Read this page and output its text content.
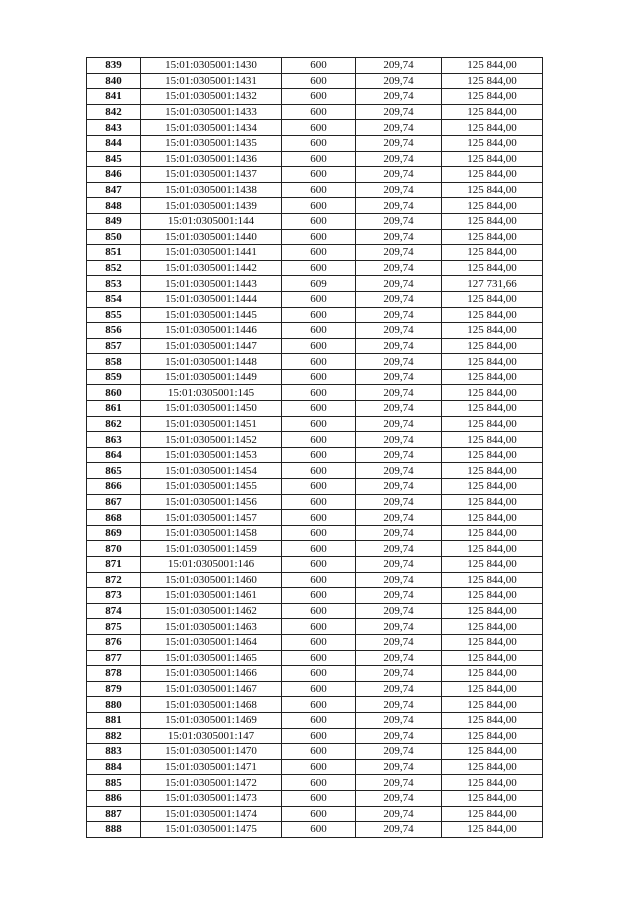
839	15:01:0305001:1430	600	209,74	125 844,00
840	15:01:0305001:1431	600	209,74	125 844,00
841	15:01:0305001:1432	600	209,74	125 844,00
842	15:01:0305001:1433	600	209,74	125 844,00
843	15:01:0305001:1434	600	209,74	125 844,00
844	15:01:0305001:1435	600	209,74	125 844,00
845	15:01:0305001:1436	600	209,74	125 844,00
846	15:01:0305001:1437	600	209,74	125 844,00
847	15:01:0305001:1438	600	209,74	125 844,00
848	15:01:0305001:1439	600	209,74	125 844,00
849	15:01:0305001:144	600	209,74	125 844,00
850	15:01:0305001:1440	600	209,74	125 844,00
851	15:01:0305001:1441	600	209,74	125 844,00
852	15:01:0305001:1442	600	209,74	125 844,00
853	15:01:0305001:1443	609	209,74	127 731,66
854	15:01:0305001:1444	600	209,74	125 844,00
855	15:01:0305001:1445	600	209,74	125 844,00
856	15:01:0305001:1446	600	209,74	125 844,00
857	15:01:0305001:1447	600	209,74	125 844,00
858	15:01:0305001:1448	600	209,74	125 844,00
859	15:01:0305001:1449	600	209,74	125 844,00
860	15:01:0305001:145	600	209,74	125 844,00
861	15:01:0305001:1450	600	209,74	125 844,00
862	15:01:0305001:1451	600	209,74	125 844,00
863	15:01:0305001:1452	600	209,74	125 844,00
864	15:01:0305001:1453	600	209,74	125 844,00
865	15:01:0305001:1454	600	209,74	125 844,00
866	15:01:0305001:1455	600	209,74	125 844,00
867	15:01:0305001:1456	600	209,74	125 844,00
868	15:01:0305001:1457	600	209,74	125 844,00
869	15:01:0305001:1458	600	209,74	125 844,00
870	15:01:0305001:1459	600	209,74	125 844,00
871	15:01:0305001:146	600	209,74	125 844,00
872	15:01:0305001:1460	600	209,74	125 844,00
873	15:01:0305001:1461	600	209,74	125 844,00
874	15:01:0305001:1462	600	209,74	125 844,00
875	15:01:0305001:1463	600	209,74	125 844,00
876	15:01:0305001:1464	600	209,74	125 844,00
877	15:01:0305001:1465	600	209,74	125 844,00
878	15:01:0305001:1466	600	209,74	125 844,00
879	15:01:0305001:1467	600	209,74	125 844,00
880	15:01:0305001:1468	600	209,74	125 844,00
881	15:01:0305001:1469	600	209,74	125 844,00
882	15:01:0305001:147	600	209,74	125 844,00
883	15:01:0305001:1470	600	209,74	125 844,00
884	15:01:0305001:1471	600	209,74	125 844,00
885	15:01:0305001:1472	600	209,74	125 844,00
886	15:01:0305001:1473	600	209,74	125 844,00
887	15:01:0305001:1474	600	209,74	125 844,00
888	15:01:0305001:1475	600	209,74	125 844,00
